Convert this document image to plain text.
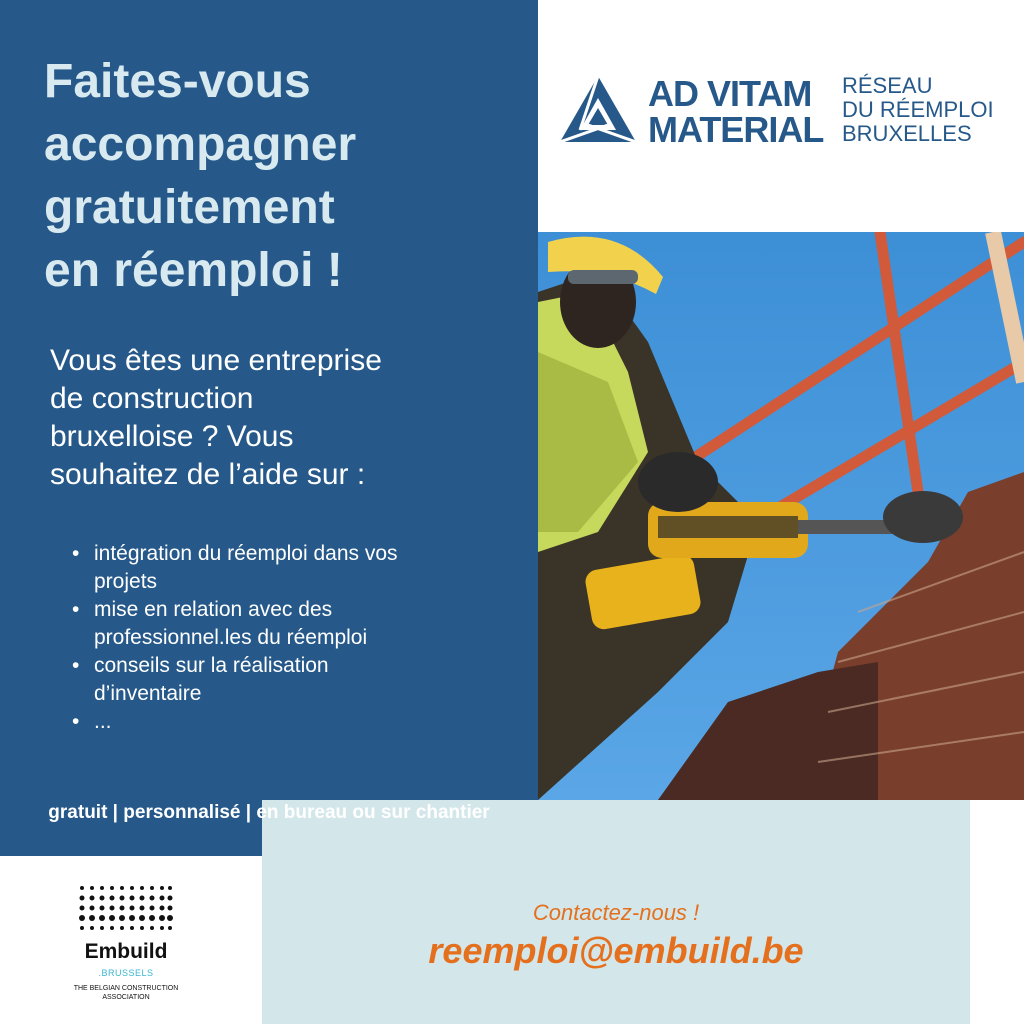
Faites-vous
accompagner
gratuitement
en réemploi !

Vous êtes une entreprise
de construction
bruxelloise ? Vous
souhaitez de l’aide sur :

• intégration du réemploi dans vos
projets
• mise en relation avec des
professionnel.les du réemploi
• conseils sur la réalisation
d’inventaire
• ...
gratuit | personnalisé | en bureau ou sur chantier
AD VITAM
MATERIAL
RÉSEAU
DU RÉEMPLOI
BRUXELLES
Contactez-nous !
reemploi@embuild.be
Embuild
.BRUSSELS
THE BELGIAN CONSTRUCTION
ASSOCIATION
